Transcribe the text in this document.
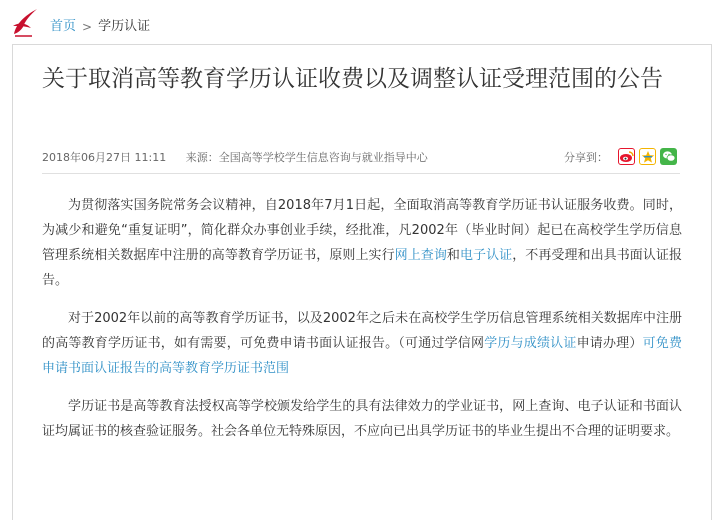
首页 > 学历认证
关于取消高等教育学历认证收费以及调整认证受理范围的公告
2018年06月27日 11:11 来源：全国高等学校学生信息咨询与就业指导中心	分享到：

为贯彻落实国务院常务会议精神，自2018年7月1日起，全面取消高等教育学历证书认证服务收费。同时，为减少和避免“重复证明”，简化群众办事创业手续，经批准，凡2002年（毕业时间）起已在高校学生学历信息管理系统相关数据库中注册的高等教育学历证书，原则上实行网上查询和电子认证，不再受理和出具书面认证报告。

对于2002年以前的高等教育学历证书，以及2002年之后未在高校学生学历信息管理系统相关数据库中注册的高等教育学历证书，如有需要，可免费申请书面认证报告。（可通过学信网学历与成绩认证申请办理）可免费申请书面认证报告的高等教育学历证书范围

学历证书是高等教育法授权高等学校颁发给学生的具有法律效力的学业证书，网上查询、电子认证和书面认证均属证书的核查验证服务。社会各单位无特殊原因，不应向已出具学历证书的毕业生提出不合理的证明要求。
